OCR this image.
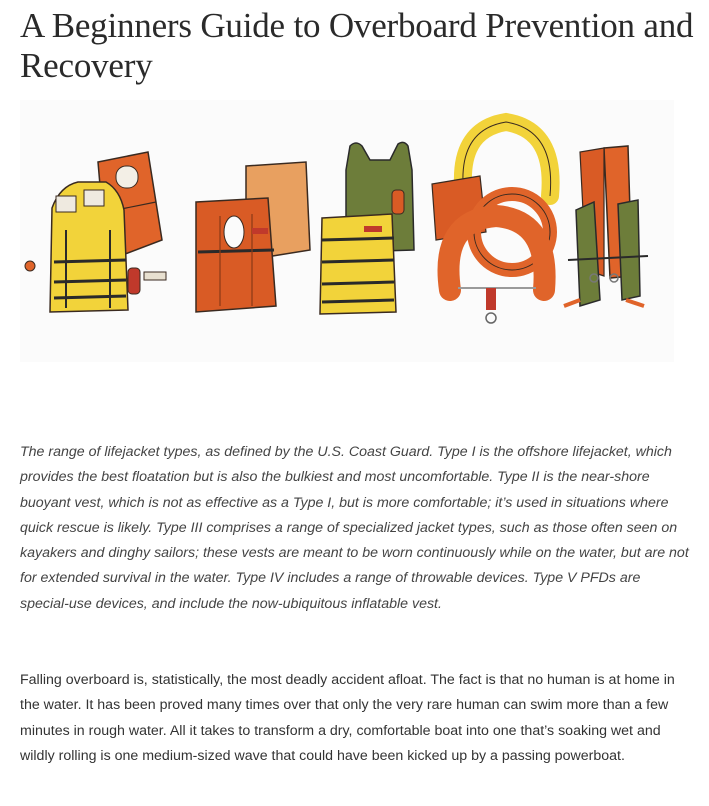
A Beginners Guide to Overboard Prevention and Recovery

The range of lifejacket types, as defined by the U.S. Coast Guard. Type I is the offshore lifejacket, which provides the best floatation but is also the bulkiest and most uncomfortable. Type II is the near-shore buoyant vest, which is not as effective as a Type I, but is more comfortable; it’s used in situations where quick rescue is likely. Type III comprises a range of specialized jacket types, such as those often seen on kayakers and dinghy sailors; these vests are meant to be worn continuously while on the water, but are not for extended survival in the water. Type IV includes a range of throwable devices. Type V PFDs are special-use devices, and include the now-ubiquitous inflatable vest.

Falling overboard is, statistically, the most deadly accident afloat. The fact is that no human is at home in the water. It has been proved many times over that only the very rare human can swim more than a few minutes in rough water. All it takes to transform a dry, comfortable boat into one that’s soaking wet and wildly rolling is one medium-sized wave that could have been kicked up by a passing powerboat.
